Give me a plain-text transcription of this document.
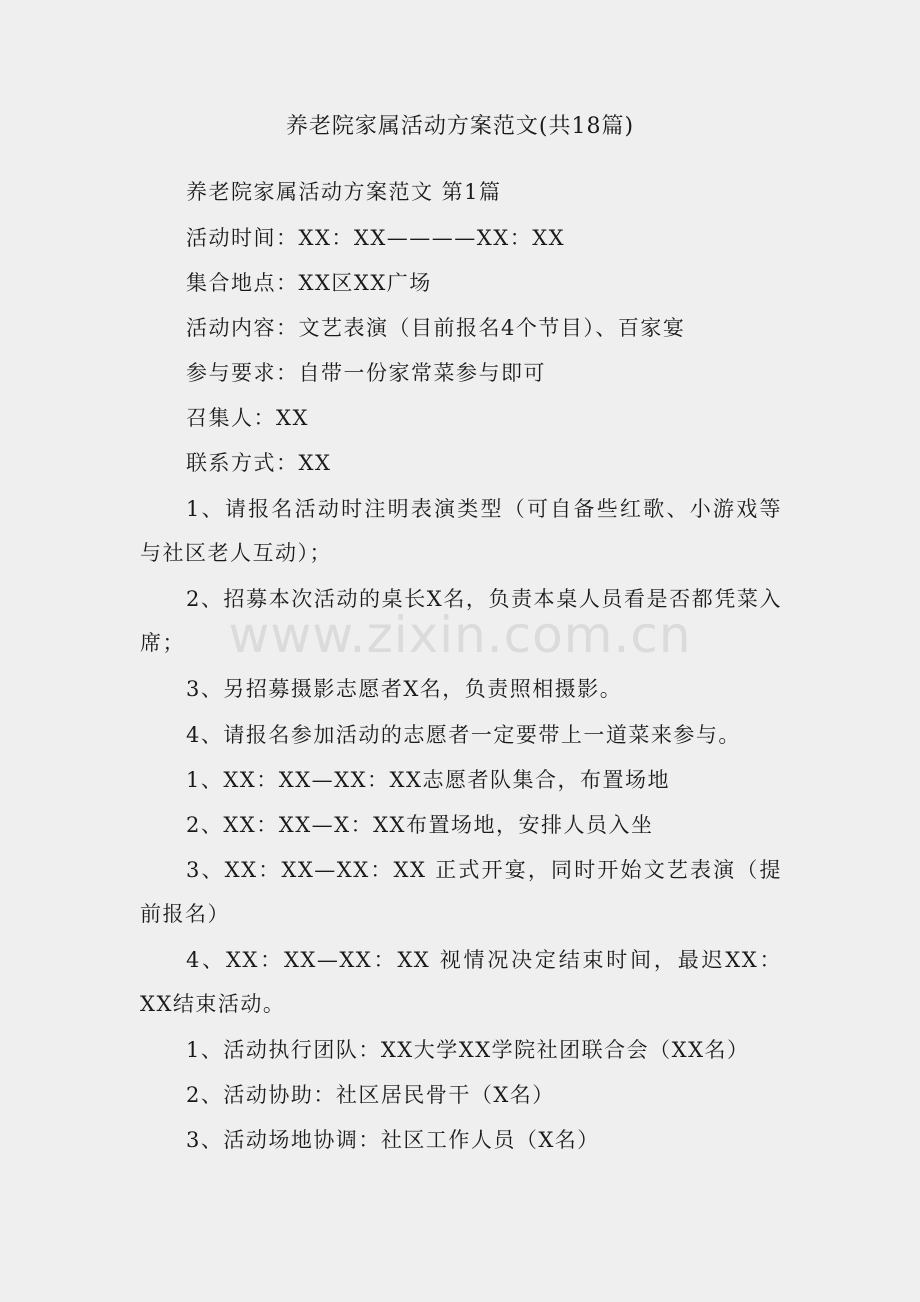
养老院家属活动方案范文(共18篇)

养老院家属活动方案范文 第1篇

活动时间：XX：XX————XX：XX

集合地点：XX区XX广场

活动内容：文艺表演（目前报名4个节目）、百家宴

参与要求：自带一份家常菜参与即可

召集人：XX

联系方式：XX

1、请报名活动时注明表演类型（可自备些红歌、小游戏等与社区老人互动）；

2、招募本次活动的桌长X名，负责本桌人员看是否都凭菜入席；

3、另招募摄影志愿者X名，负责照相摄影。

4、请报名参加活动的志愿者一定要带上一道菜来参与。

1、XX：XX—XX：XX志愿者队集合，布置场地

2、XX：XX—X：XX布置场地，安排人员入坐

3、XX：XX—XX：XX 正式开宴，同时开始文艺表演（提前报名）

4、XX：XX—XX：XX 视情况决定结束时间，最迟XX：XX结束活动。

1、活动执行团队：XX大学XX学院社团联合会（XX名）

2、活动协助：社区居民骨干（X名）

3、活动场地协调：社区工作人员（X名）

www.zixin.com.cn
